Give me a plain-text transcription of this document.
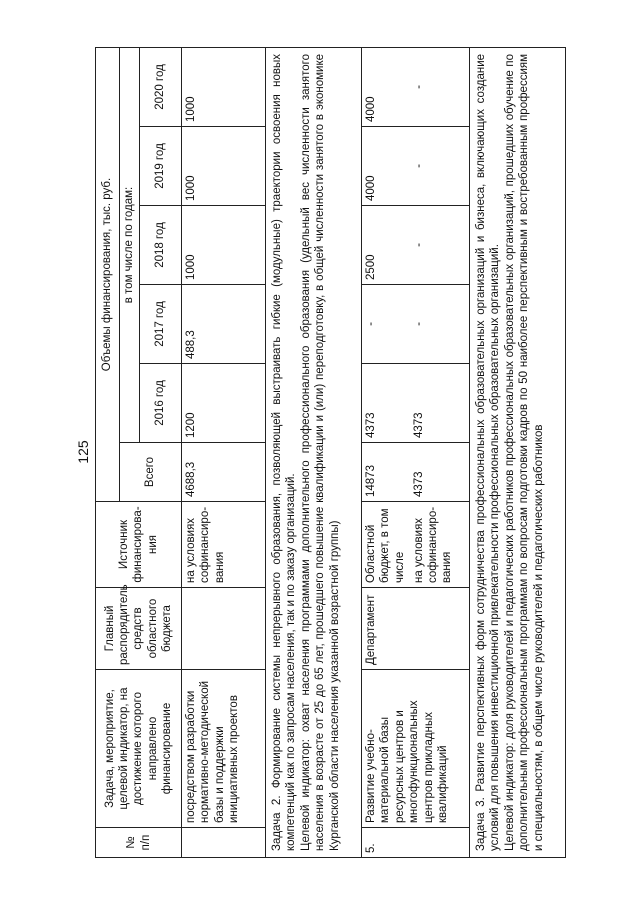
125
№ п/п	Задача, мероприятие, целевой индикатор, на достижение которого направлено финансирование	Главный распорядитель средств областного бюджета	Источник финансирова-ния	Объемы финансирования, тыс. руб.					
				Всего	в том числе по годам:				
					2016 год	2017 год	2018 год	2019 год	2020 год
	посредством разработки нормативно-методической базы и поддержки инициативных проектов		на условиях софинансиро-вания	4688,3	1200	488,3	1000	1000	1000

Задача 2. Формирование системы непрерывного образования, позволяющей выстраивать гибкие (модульные) траектории освоения новых компетенций как по запросам населения, так и по заказу организаций. Целевой индикатор: охват населения программами дополнительного профессионального образования (удельный вес численности занятого населения в возрасте от 25 до 65 лет, прошедшего повышение квалификации и (или) переподготовку, в общей численности занятого в экономике Курганской области населения указанной возрастной группы)									

5.	Развитие учебно-материальной базы ресурсных центров и многофункциональных центров прикладных квалификаций	Департамент	Областной бюджет, в том числе	14873	4373	-	2500	4000	4000
			на условиях софинансиро-вания	4373	4373	-	-	-	-

Задача 3. Развитие перспективных форм сотрудничества профессиональных образовательных организаций и бизнеса, включающих создание условий для повышения инвестиционной привлекательности профессиональных образовательных организаций. Целевой индикатор: доля руководителей и педагогических работников профессиональных образовательных организаций, прошедших обучение по дополнительным профессиональным программам по вопросам подготовки кадров по 50 наиболее перспективным и востребованным профессиям и специальностям, в общем числе руководителей и педагогических работников									
